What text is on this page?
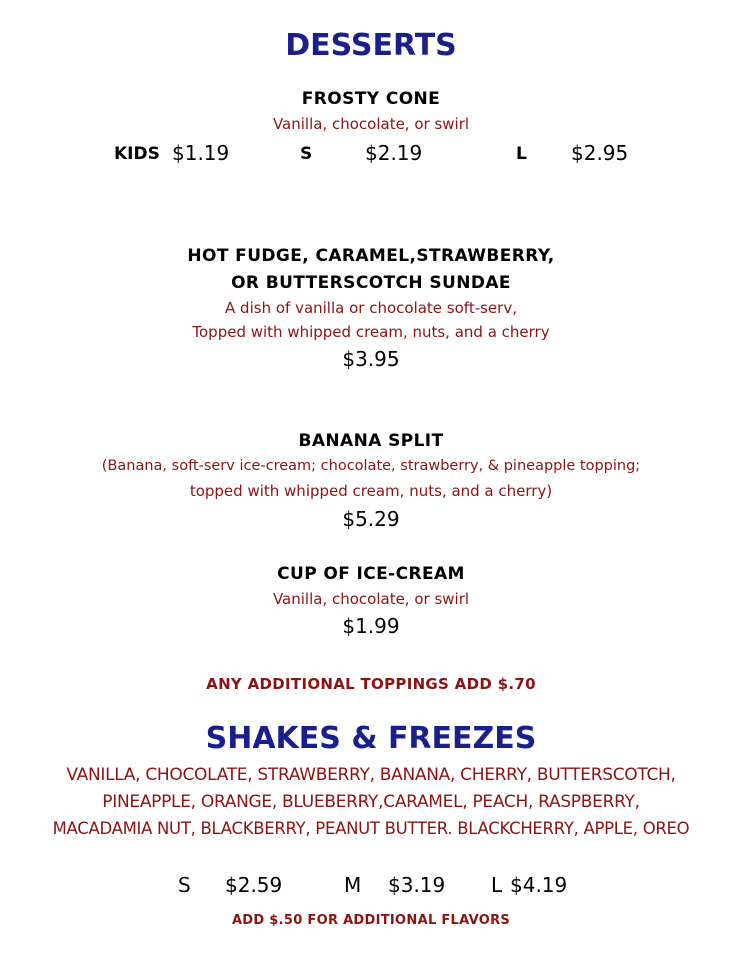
DESSERTS
FROSTY CONE
Vanilla, chocolate, or swirl
KIDS $1.19	S	$2.19	L $2.95
HOT FUDGE, CARAMEL,STRAWBERRY,
OR BUTTERSCOTCH SUNDAE
A dish of vanilla or chocolate soft-serv,
Topped with whipped cream, nuts, and a cherry
$3.95
BANANA SPLIT
(Banana, soft-serv ice-cream; chocolate, strawberry, & pineapple topping;
topped with whipped cream, nuts, and a cherry)
$5.29
CUP OF ICE-CREAM
Vanilla, chocolate, or swirl
$1.99
ANY ADDITIONAL TOPPINGS ADD $.70
SHAKES & FREEZES
VANILLA, CHOCOLATE, STRAWBERRY, BANANA, CHERRY, BUTTERSCOTCH,
PINEAPPLE, ORANGE, BLUEBERRY,CARAMEL, PEACH, RASPBERRY,
MACADAMIA NUT, BLACKBERRY, PEANUT BUTTER. BLACKCHERRY, APPLE, OREO
S $2.59	M $3.19 L $4.19
ADD $.50 FOR ADDITIONAL FLAVORS
